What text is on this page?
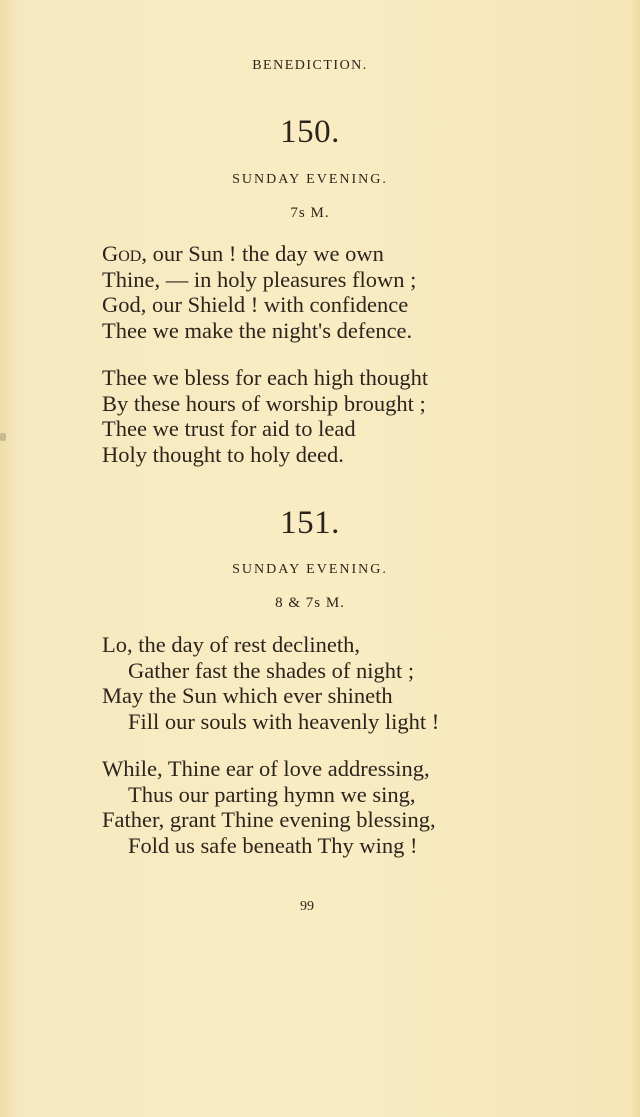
BENEDICTION.
150.
SUNDAY EVENING.
7s M.
God, our Sun ! the day we own
Thine, — in holy pleasures flown ;
God, our Shield ! with confidence
Thee we make the night's defence.
Thee we bless for each high thought
By these hours of worship brought ;
Thee we trust for aid to lead
Holy thought to holy deed.
151.
SUNDAY EVENING.
8 & 7s M.
Lo, the day of rest declineth,
Gather fast the shades of night ;
May the Sun which ever shineth
Fill our souls with heavenly light !
While, Thine ear of love addressing,
Thus our parting hymn we sing,
Father, grant Thine evening blessing,
Fold us safe beneath Thy wing !
99
